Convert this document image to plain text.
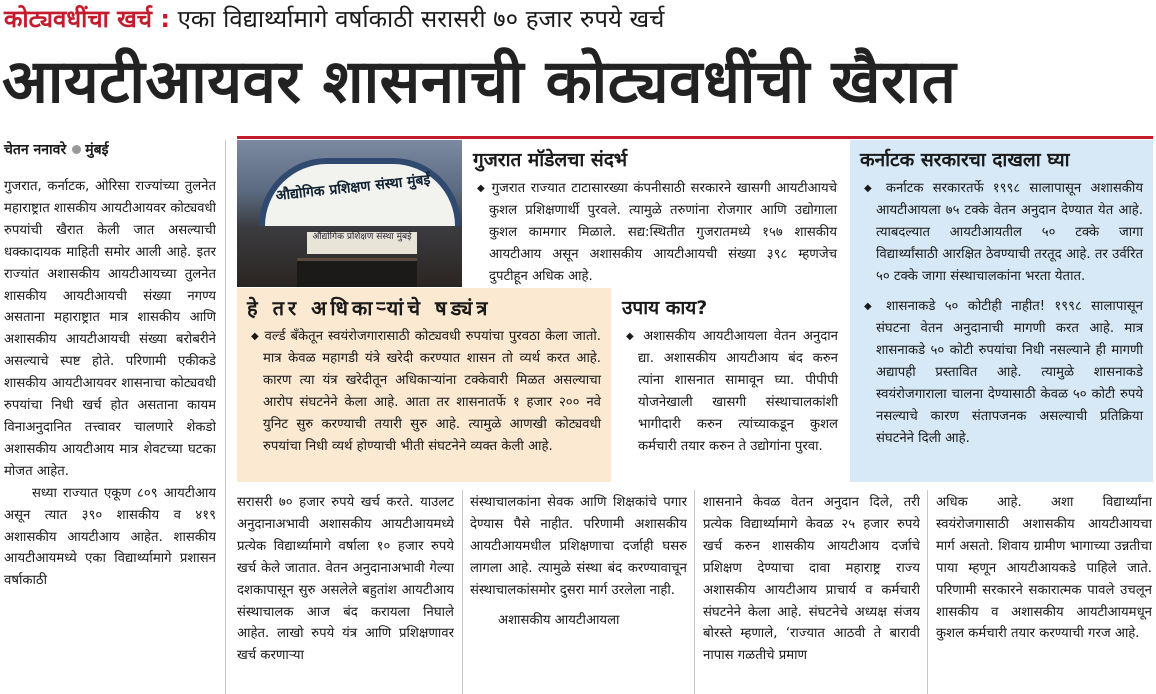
कोट्यवधींचा खर्च : एका विद्यार्थ्यामागे वर्षाकाठी सरासरी ७० हजार रुपये खर्च
आयटीआयवर शासनाची कोट्यवधींची खैरात
चेतन ननावरे मुंबई

गुजरात, कर्नाटक, ओरिसा राज्यांच्या तुलनेत महाराष्ट्रात शासकीय आयटीआयवर कोट्यवधी रुपयांची खैरात केली जात असल्याची धक्कादायक माहिती समोर आली आहे. इतर राज्यांत अशासकीय आयटीआयच्या तुलनेत शासकीय आयटीआयची संख्या नगण्य असताना महाराष्ट्रात मात्र शासकीय आणि अशासकीय आयटीआयची संख्या बरोबरीने असल्याचे स्पष्ट होते. परिणामी एकीकडे शासकीय आयटीआयवर शासनाचा कोट्यवधी रुपयांचा निधी खर्च होत असताना कायम विनाअनुदानित तत्त्वावर चालणारे शेकडो अशासकीय आयटीआय मात्र शेवटच्या घटका मोजत आहेत.

सध्या राज्यात एकूण ८०९ आयटीआय असून त्यात ३९० शासकीय व ४१९ अशासकीय आयटीआय आहेत. शासकीय आयटीआयमध्ये एका विद्यार्थ्यामागे प्रशासन वर्षाकाठी

औद्योगिक प्रशिक्षण संस्था मुंबई
औद्योगिक प्रशिक्षण संस्था मुंबई
गुजरात मॉडेलचा संदर्भ
◆ गुजरात राज्यात टाटासारख्या कंपनीसाठी सरकारने खासगी आयटीआयचे कुशल प्रशिक्षणार्थी पुरवले. त्यामुळे तरुणांना रोजगार आणि उद्योगाला कुशल कामगार मिळाले. सद्य:स्थितीत गुजरातमध्ये १५७ शासकीय आयटीआय असून अशासकीय आयटीआयची संख्या ३९८ म्हणजेच दुपटीहून अधिक आहे.
कर्नाटक सरकारचा दाखला घ्या
◆ कर्नाटक सरकारतर्फे १९९८ सालापासून अशासकीय आयटीआयला ७५ टक्के वेतन अनुदान देण्यात येत आहे. त्याबदल्यात आयटीआयतील ५० टक्के जागा विद्यार्थ्यांसाठी आरक्षित ठेवण्याची तरतूद आहे. तर उर्वरित ५० टक्के जागा संस्थाचालकांना भरता येतात.
◆ शासनाकडे ५० कोटीही नाहीत! १९९८ सालापासून संघटना वेतन अनुदानाची मागणी करत आहे. मात्र शासनाकडे ५० कोटी रुपयांचा निधी नसल्याने ही मागणी अद्यापही प्रस्तावित आहे. त्यामुळे शासनाकडे स्वयंरोजगाराला चालना देण्यासाठी केवळ ५० कोटी रुपये नसल्याचे कारण संतापजनक असल्याची प्रतिक्रिया संघटनेने दिली आहे.
हे तर अधिकाऱ्यांचे षड्यंत्र
◆ वर्ल्ड बँकेतून स्वयंरोजगारासाठी कोट्यवधी रुपयांचा पुरवठा केला जातो. मात्र केवळ महागडी यंत्रे खरेदी करण्यात शासन तो व्यर्थ करत आहे. कारण त्या यंत्र खरेदीतून अधिकाऱ्यांना टक्केवारी मिळत असल्याचा आरोप संघटनेने केला आहे. आता तर शासनातर्फे १ हजार २०० नवे युनिट सुरु करण्याची तयारी सुरु आहे. त्यामुळे आणखी कोट्यवधी रुपयांचा निधी व्यर्थ होण्याची भीती संघटनेने व्यक्त केली आहे.
उपाय काय?
◆ अशासकीय आयटीआयला वेतन अनुदान द्या. अशासकीय आयटीआय बंद करुन त्यांना शासनात सामावून घ्या. पीपीपी योजनेखाली खासगी संस्थाचालकांशी भागीदारी करुन त्यांच्याकडून कुशल कर्मचारी तयार करुन ते उद्योगांना पुरवा.

सरासरी ७० हजार रुपये खर्च करते. याउलट अनुदानाअभावी अशासकीय आयटीआयमध्ये प्रत्येक विद्यार्थ्यामागे वर्षाला १० हजार रुपये खर्च केले जातात. वेतन अनुदानाअभावी गेल्या दशकापासून सुरु असलेले बहुतांश आयटीआय संस्थाचालक आज बंद करायला निघाले आहेत. लाखो रुपये यंत्र आणि प्रशिक्षणावर खर्च करणाऱ्या

संस्थाचालकांना सेवक आणि शिक्षकांचे पगार देण्यास पैसे नाहीत. परिणामी अशासकीय आयटीआयमधील प्रशिक्षणाचा दर्जाही घसरु लागला आहे. त्यामुळे संस्था बंद करण्यावाचून संस्थाचालकांसमोर दुसरा मार्ग उरलेला नाही.

अशासकीय आयटीआयला

शासनाने केवळ वेतन अनुदान दिले, तरी प्रत्येक विद्यार्थ्यामागे केवळ २५ हजार रुपये खर्च करुन शासकीय आयटीआय दर्जाचे प्रशिक्षण देण्याचा दावा महाराष्ट्र राज्य अशासकीय आयटीआय प्राचार्य व कर्मचारी संघटनेने केला आहे. संघटनेचे अध्यक्ष संजय बोरस्ते म्हणाले, ‘राज्यात आठवी ते बारावी नापास गळतीचे प्रमाण

अधिक आहे. अशा विद्यार्थ्यांना स्वयंरोजगासाठी अशासकीय आयटीआयचा मार्ग असतो. शिवाय ग्रामीण भागाच्या उन्नतीचा पाया म्हणून आयटीआयकडे पाहिले जाते. परिणामी सरकारने सकारात्मक पावले उचलून शासकीय व अशासकीय आयटीआयमधून कुशल कर्मचारी तयार करण्याची गरज आहे.
